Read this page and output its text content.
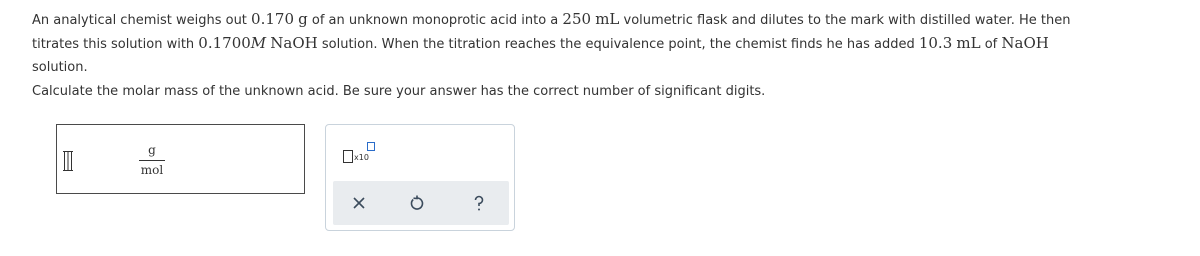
An analytical chemist weighs out 0.170 g of an unknown monoprotic acid into a 250 mL volumetric flask and dilutes to the mark with distilled water. He then

titrates this solution with 0.1700M NaOH solution. When the titration reaches the equivalence point, the chemist finds he has added 10.3 mL of NaOH

solution.

Calculate the molar mass of the unknown acid. Be sure your answer has the correct number of significant digits.
g
mol
x10
